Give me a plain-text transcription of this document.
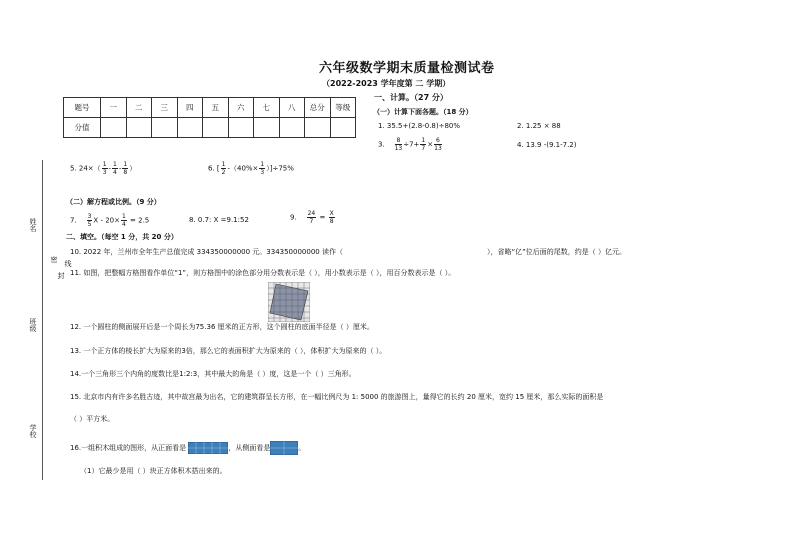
六年级数学期末质量检测试卷
（2022-2023 学年度第 二 学期）
题号	一	二	三	四	五	六	七	八	总分	等级
分值										
姓名
密
封
线
班级
学校
一、计算。（27 分）
（一）计算下面各题。（18 分）
1. 35.5+(2.8-0.8)÷80%	2. 1.25 × 88
3. $\frac{8}{13} \div 7+ \frac{1}{7} \times \frac{6}{13}$	4. 13.9 -(9.1-7.2)
5. $24\times( \frac{1}{3} - \frac{1}{4} - \frac{1}{8}$ ）	6. [ $\frac{1}{2} -(40\%\times \frac{1}{3} )]\div 75\%$
（二）解方程或比例。（9 分）
7. $\frac{3}{5}$ $X - 20\times \frac{1}{4} = 2.5$	8. 0.7: X =9.1:52	9. $\frac{24}{7} = \frac{X}{8}$
二、填空。（每空 1 分，共 20 分）
10. 2022 年，兰州市全年生产总值完成 334350000000 元。334350000000 读作（	），省略“亿”位后面的尾数，约是（ ）亿元。
11. 如图，把整幅方格图看作单位“1”，则方格图中的涂色部分用分数表示是（ ），用小数表示是（ ），用百分数表示是（ ）。
12. 一个圆柱的侧面展开后是一个周长为75.36 厘米的正方形，这个圆柱的底面半径是（ ）厘米。
13. 一个正方体的棱长扩大为原来的3倍，那么它的表面积扩大为原来的（ ），体积扩大为原来的（ ）。
14.一个三角形三个内角的度数比是1:2:3，其中最大的角是（ ）度，这是一个（ ）三角形。
15. 北京市内有许多名胜古迹，其中故宫最为出名，它的建筑群呈长方形，在一幅比例尺为 1: 5000 的旅游图上，量得它的长约 20 厘米，宽约 15 厘米，那么实际的面积是
（ ）平方米。
16.一组积木组成的图形，从正面看是	，从侧面看是	。
（1）它最少是用（ ）块正方体积木搭出来的。
